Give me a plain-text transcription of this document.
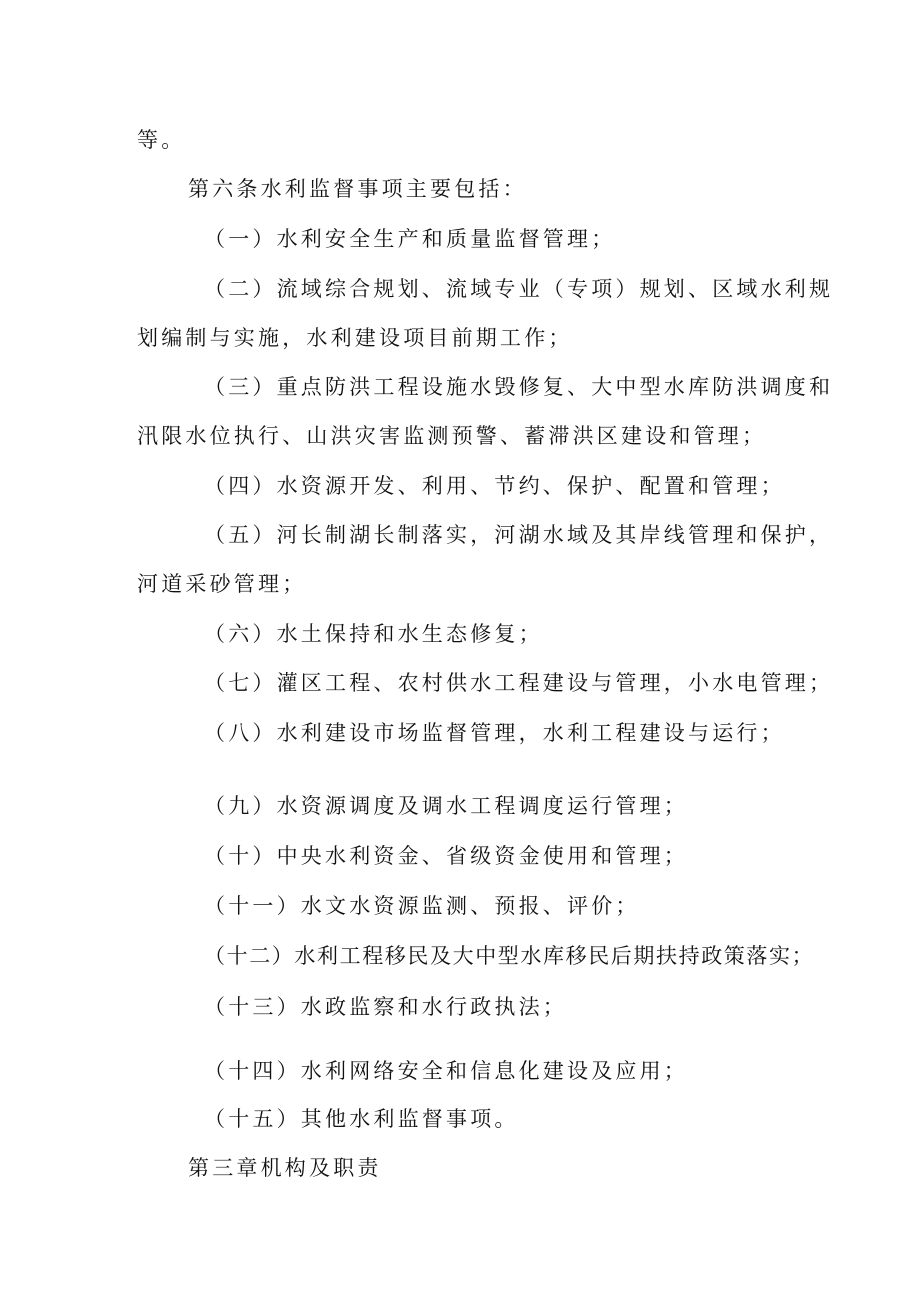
等。
第六条水利监督事项主要包括：
（一）水利安全生产和质量监督管理；
（二）流域综合规划、流域专业（专项）规划、区域水利规
划编制与实施，水利建设项目前期工作；
（三）重点防洪工程设施水毁修复、大中型水库防洪调度和
汛限水位执行、山洪灾害监测预警、蓄滞洪区建设和管理；
（四）水资源开发、利用、节约、保护、配置和管理；
（五）河长制湖长制落实，河湖水域及其岸线管理和保护，
河道采砂管理；
（六）水土保持和水生态修复；
（七）灌区工程、农村供水工程建设与管理，小水电管理；
（八）水利建设市场监督管理，水利工程建设与运行；
（九）水资源调度及调水工程调度运行管理；
（十）中央水利资金、省级资金使用和管理；
（十一）水文水资源监测、预报、评价；
（十二）水利工程移民及大中型水库移民后期扶持政策落实；
（十三）水政监察和水行政执法；
（十四）水利网络安全和信息化建设及应用；
（十五）其他水利监督事项。
第三章机构及职责
